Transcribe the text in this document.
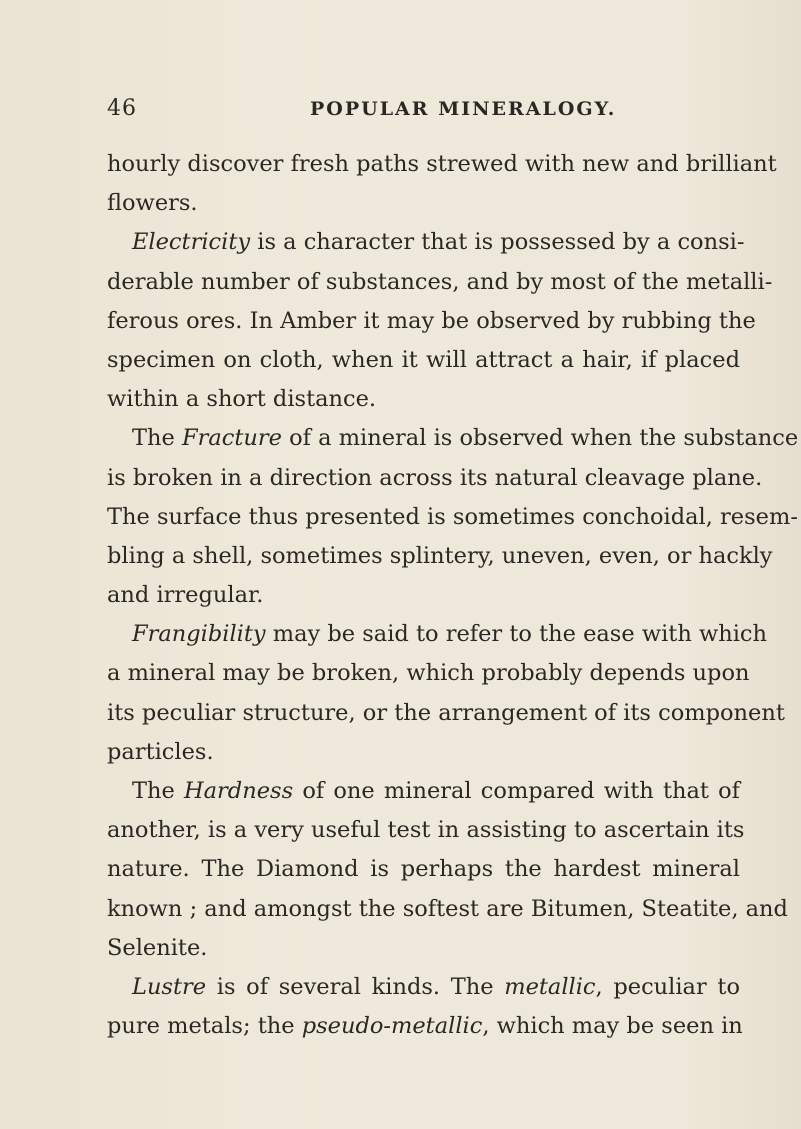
46	POPULAR MINERALOGY.
hourly discover fresh paths strewed with new and brilliant
flowers.
Electricity is a character that is possessed by a consi-
derable number of substances, and by most of the metalli-
ferous ores. In Amber it may be observed by rubbing the
specimen on cloth, when it will attract a hair, if placed
within a short distance.
The Fracture of a mineral is observed when the substance
is broken in a direction across its natural cleavage plane.
The surface thus presented is sometimes conchoidal, resem-
bling a shell, sometimes splintery, uneven, even, or hackly
and irregular.
Frangibility may be said to refer to the ease with which
a mineral may be broken, which probably depends upon
its peculiar structure, or the arrangement of its component
particles.
The Hardness of one mineral compared with that of
another, is a very useful test in assisting to ascertain its
nature. The Diamond is perhaps the hardest mineral
known ; and amongst the softest are Bitumen, Steatite, and
Selenite.
Lustre is of several kinds. The metallic, peculiar to
pure metals; the pseudo-metallic, which may be seen in
